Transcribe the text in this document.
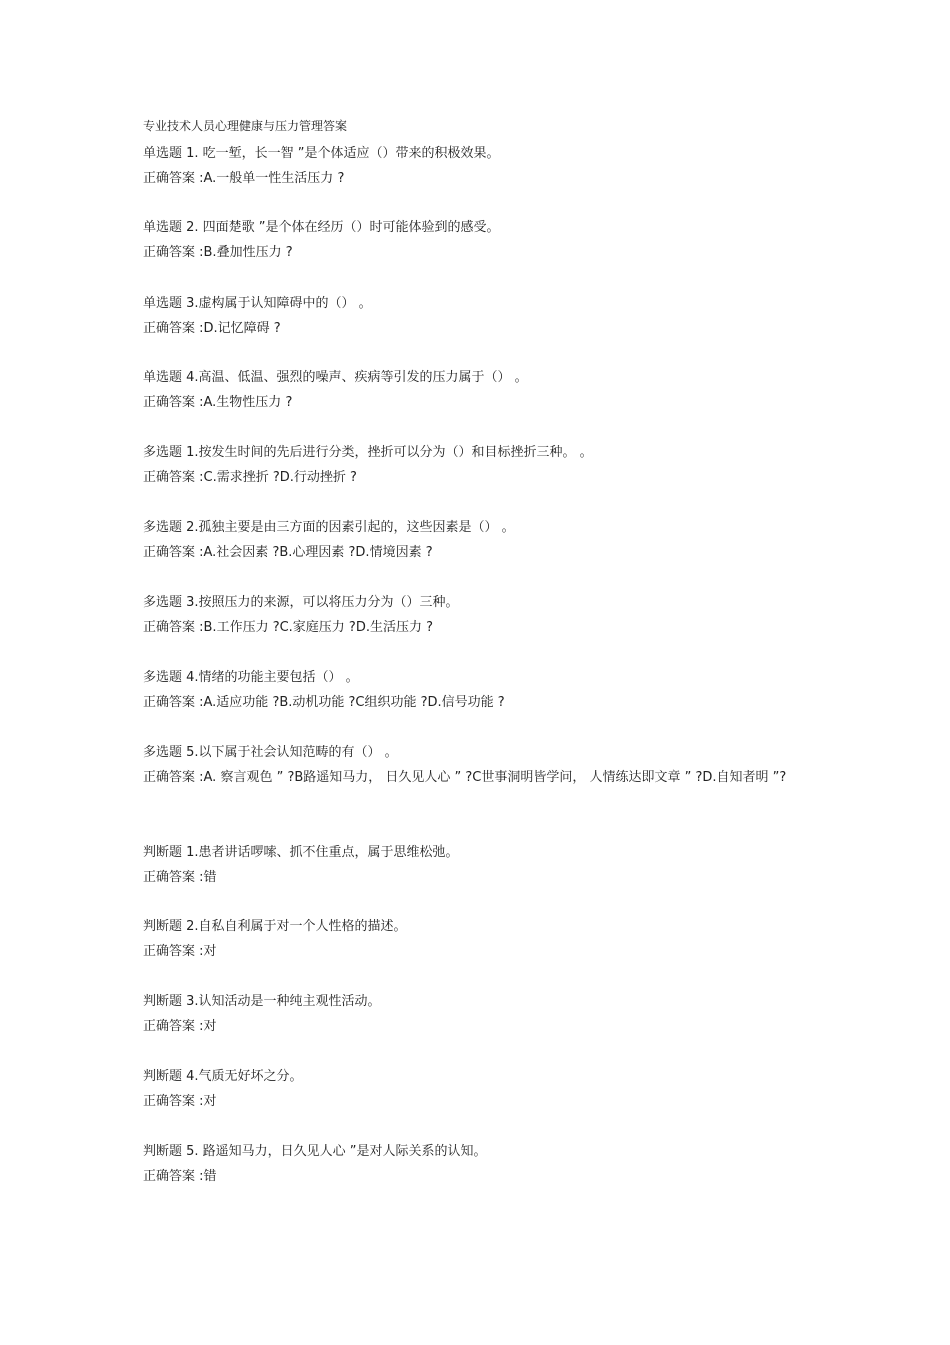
专业技术人员心理健康与压力管理答案
单选题 1. 吃一堑，长一智 ”是个体适应（）带来的积极效果。
正确答案 :A.一般单一性生活压力 ?
单选题 2. 四面楚歌 ”是个体在经历（）时可能体验到的感受。
正确答案 :B.叠加性压力 ?
单选题 3.虚构属于认知障碍中的（） 。
正确答案 :D.记忆障碍 ?
单选题 4.高温、低温、强烈的噪声、疾病等引发的压力属于（） 。
正确答案 :A.生物性压力 ?
多选题 1.按发生时间的先后进行分类，挫折可以分为（）和目标挫折三种。 。
正确答案 :C.需求挫折 ?D.行动挫折 ?
多选题 2.孤独主要是由三方面的因素引起的，这些因素是（） 。
正确答案 :A.社会因素 ?B.心理因素 ?D.情境因素 ?
多选题 3.按照压力的来源，可以将压力分为（）三种。
正确答案 :B.工作压力 ?C.家庭压力 ?D.生活压力 ?
多选题 4.情绪的功能主要包括（） 。
正确答案 :A.适应功能 ?B.动机功能 ?C组织功能 ?D.信号功能 ?
多选题 5.以下属于社会认知范畴的有（） 。
正确答案 :A. 察言观色 ” ?B路遥知马力， 日久见人心 ” ?C世事洞明皆学问， 人情练达即文章 ” ?D.自知者明 ”?
判断题 1.患者讲话啰嗦、抓不住重点，属于思维松弛。
正确答案 :错
判断题 2.自私自利属于对一个人性格的描述。
正确答案 :对
判断题 3.认知活动是一种纯主观性活动。
正确答案 :对
判断题 4.气质无好坏之分。
正确答案 :对
判断题 5. 路遥知马力，日久见人心 ”是对人际关系的认知。
正确答案 :错
